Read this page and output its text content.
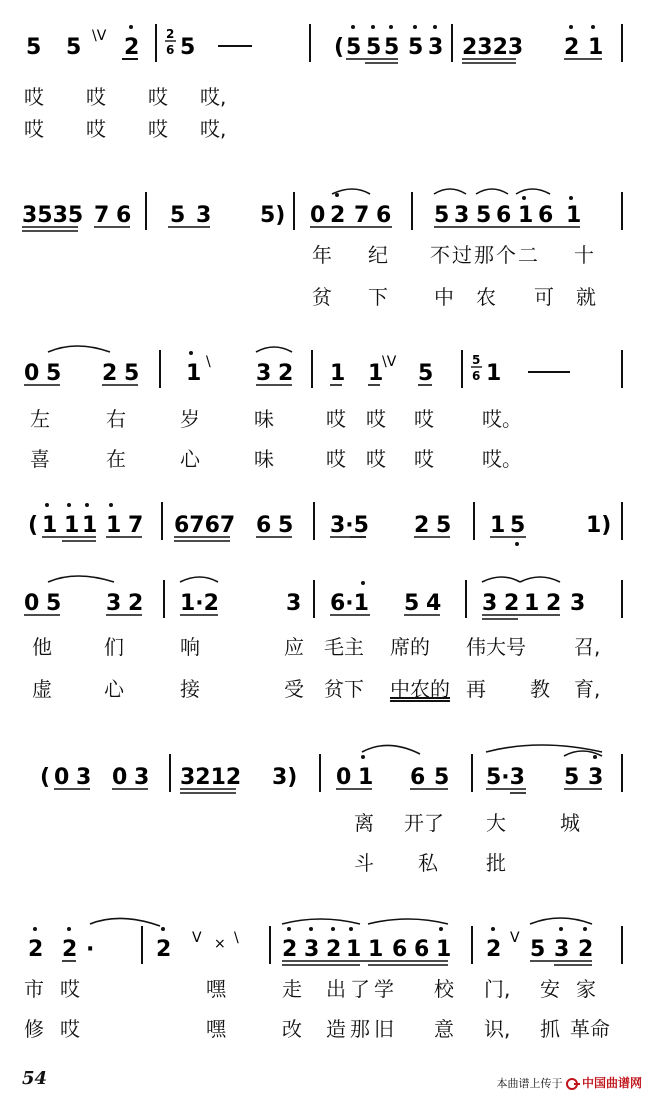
5 5 \V 2
2
6 5	( 5 5 5 5 3 2323 2 1
哎 哎 哎 哎,
哎 哎 哎 哎,
3535 7 6 5 3 5) 0 2 7 6 5 3 5 6 1 6 1
年 纪 不过那个二 十
贫 下 中 农 可 就
0 5 2 5 1 \ 3 2 1 1
\V 5
5
6 1
左	右	岁	味	哎 哎 哎 哎。
喜	在	心	味	哎 哎 哎 哎。
( 1 1 1 1 7 6767 6 5 3·5 2 5 1 5	1)
0 5 3 2 1·2	3 6·1 5 4 3 2 1 2 3
他	们	响	应 毛主 席的 伟大号 召,
虚	心	接	受 贫下 中农的 再 教 育,
( 0 3 0 3 3212 3) 0 1 6 5 5·3 5 3
离 开了 大	城
斗 私 批
2 2 ·	2 V × \ 2 3 2 1 1 6 6 1 2 V 5 3 2
市 哎	嘿	走 出了学 校 门, 安 家
修 哎	嘿	改 造那旧 意 识, 抓 革命
54	本曲谱上传于 中国曲谱网
